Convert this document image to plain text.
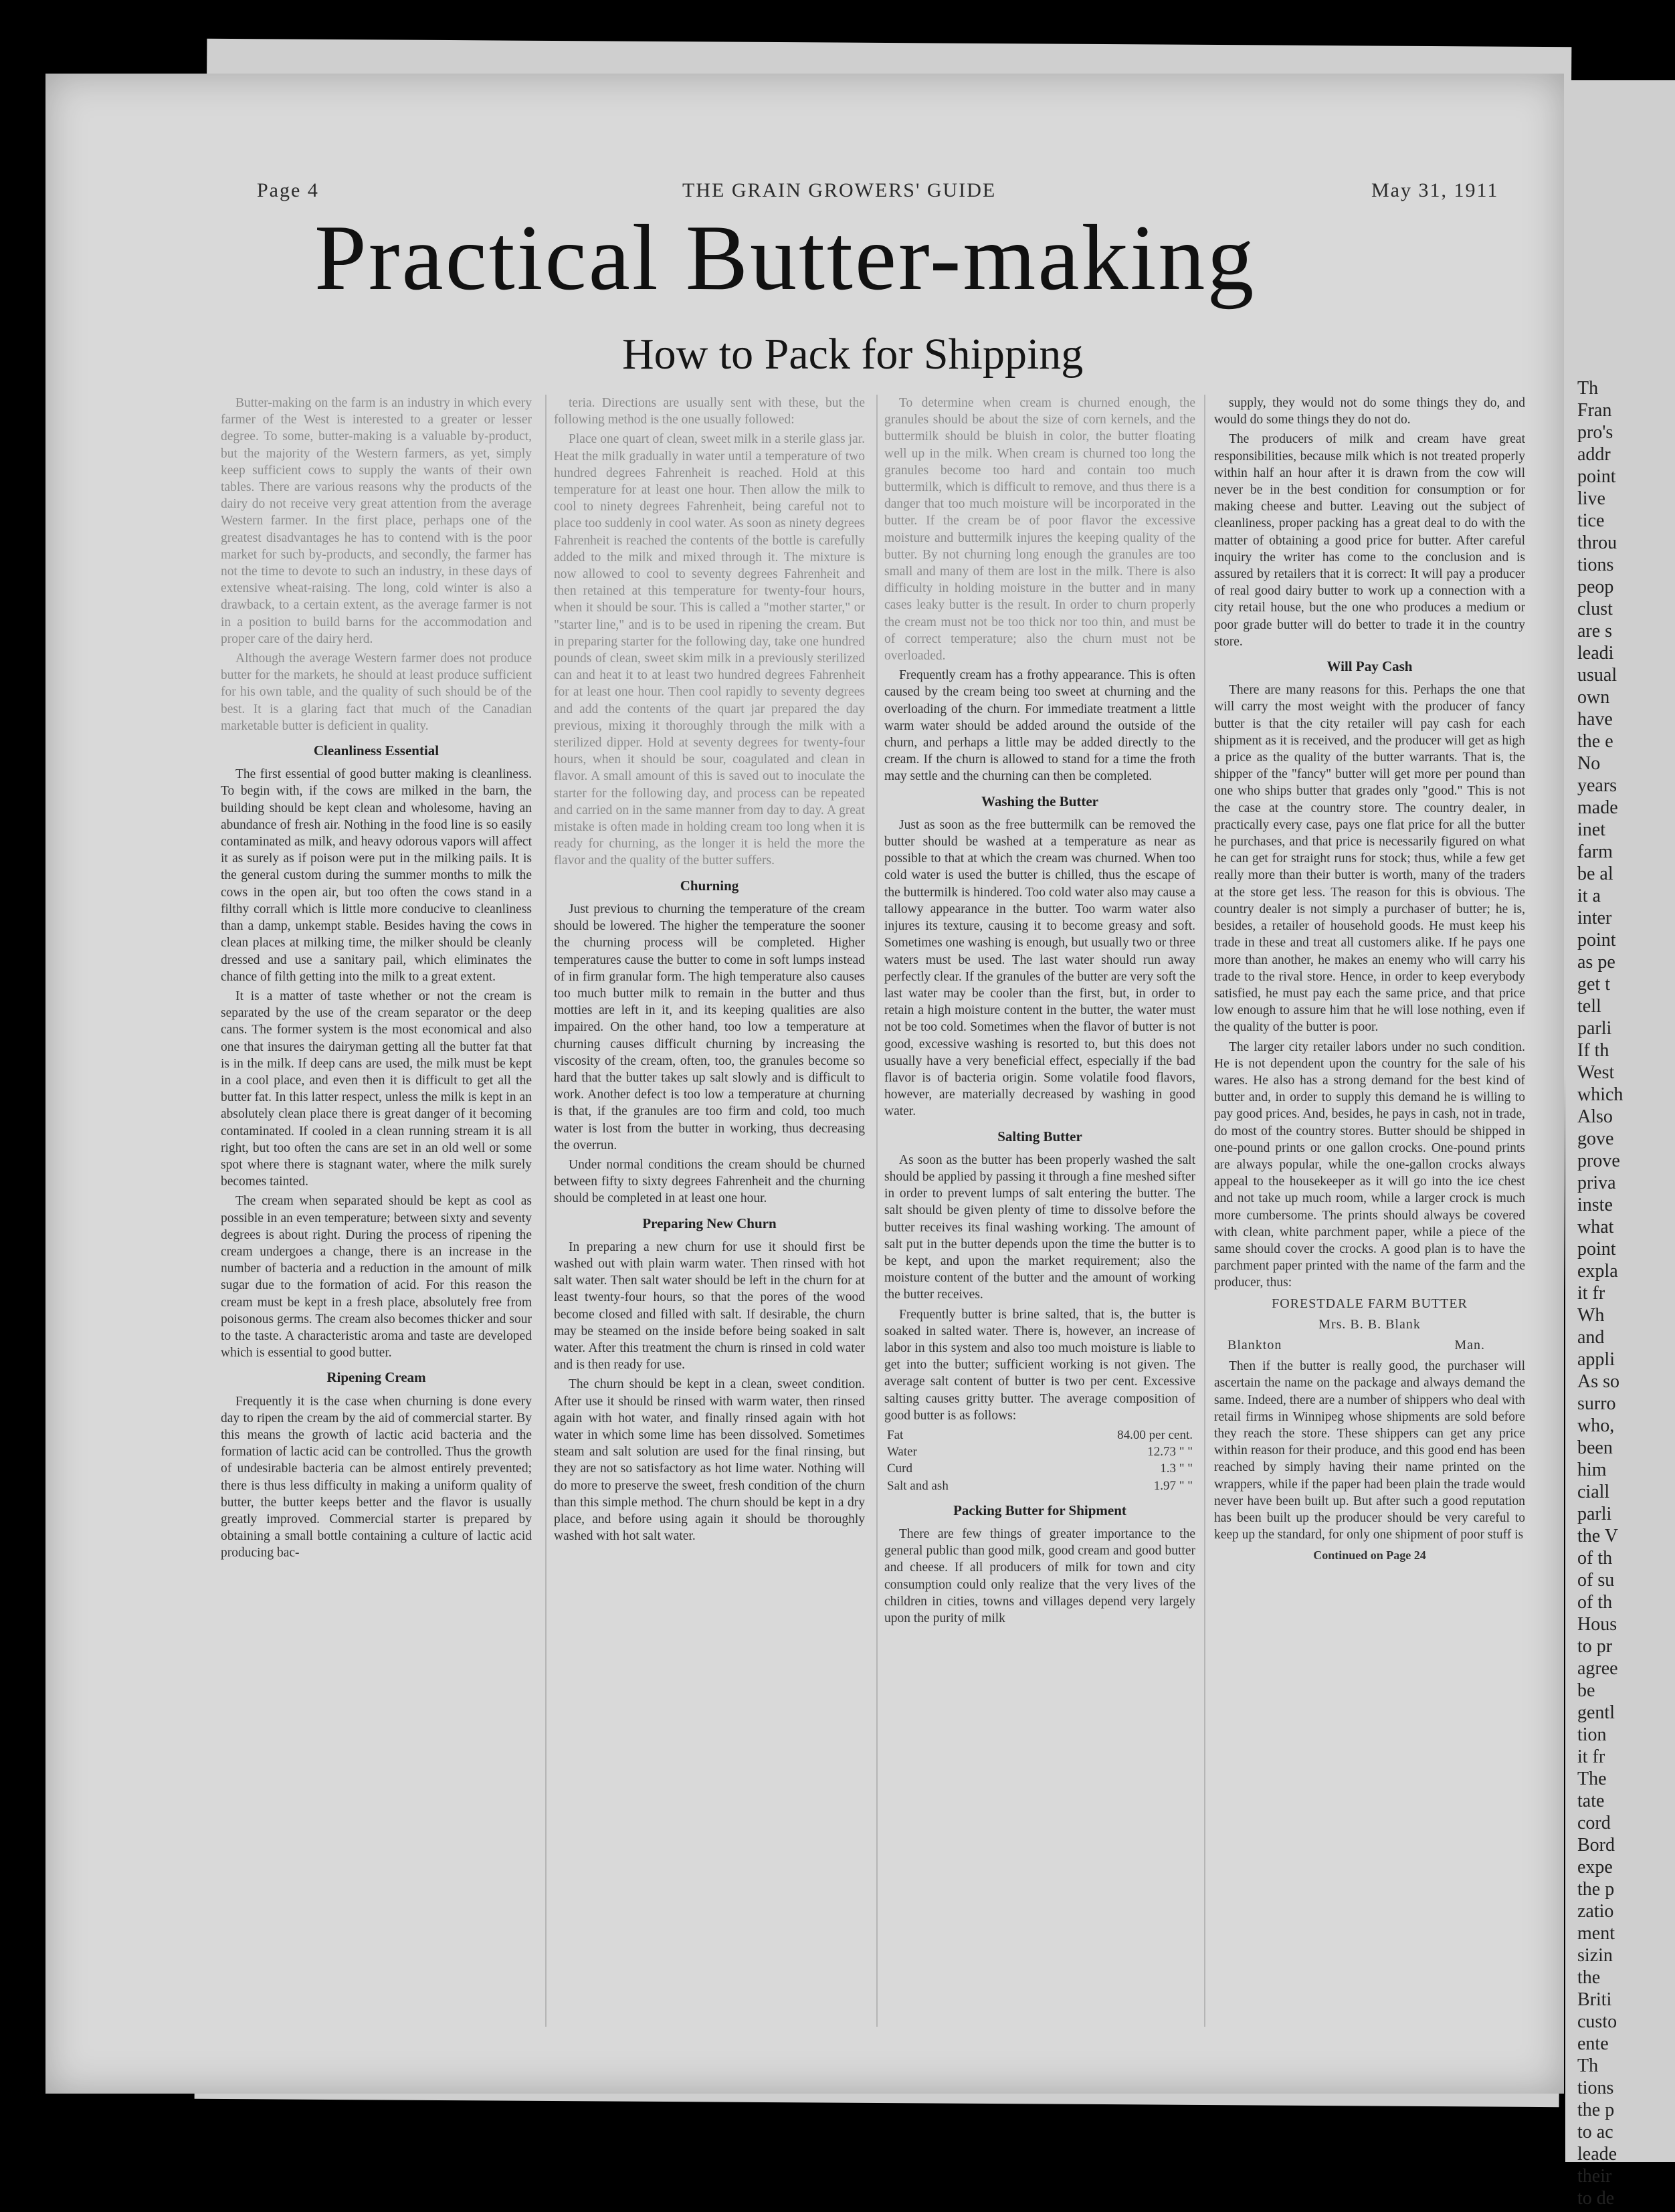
Th
Fran
pro's
addr
point
live
tice
throu
tions
peop
clust
are s
leadi
usual
own
have
the e
No
years
made
inet
farm
be al
it a
inter
point
as pe
get t
tell
parli
If th
West
which
Also
gove
prove
priva
inste
what
point
expla
it fr
Wh
and
appli
As so
surro
who,
been
him
ciall
parli
the V
of th
of su
of th
Hous
to pr
agree
be
gentl
tion
it fr
The
tate
cord
Bord
expe
the p
zatio
ment
sizin
the
Briti
custo
ente
Th
tions
the p
to ac
leade
their
to de
Page 4	THE GRAIN GROWERS' GUIDE	May 31, 1911
Practical Butter-making
How to Pack for Shipping

Butter-making on the farm is an industry in which every farmer of the West is interested to a greater or lesser degree. To some, butter-making is a valuable by-product, but the majority of the Western farmers, as yet, simply keep sufficient cows to supply the wants of their own tables. There are various reasons why the products of the dairy do not receive very great attention from the average Western farmer. In the first place, perhaps one of the greatest disadvantages he has to contend with is the poor market for such by-products, and secondly, the farmer has not the time to devote to such an industry, in these days of extensive wheat-raising. The long, cold winter is also a drawback, to a certain extent, as the average farmer is not in a position to build barns for the accommodation and proper care of the dairy herd.

Although the average Western farmer does not produce butter for the markets, he should at least produce sufficient for his own table, and the quality of such should be of the best. It is a glaring fact that much of the Canadian marketable butter is deficient in quality.

Cleanliness Essential

The first essential of good butter making is cleanliness. To begin with, if the cows are milked in the barn, the building should be kept clean and wholesome, having an abundance of fresh air. Nothing in the food line is so easily contaminated as milk, and heavy odorous vapors will affect it as surely as if poison were put in the milking pails. It is the general custom during the summer months to milk the cows in the open air, but too often the cows stand in a filthy corrall which is little more conducive to cleanliness than a damp, unkempt stable. Besides having the cows in clean places at milking time, the milker should be cleanly dressed and use a sanitary pail, which eliminates the chance of filth getting into the milk to a great extent.

It is a matter of taste whether or not the cream is separated by the use of the cream separator or the deep cans. The former system is the most economical and also one that insures the dairyman getting all the butter fat that is in the milk. If deep cans are used, the milk must be kept in a cool place, and even then it is difficult to get all the butter fat. In this latter respect, unless the milk is kept in an absolutely clean place there is great danger of it becoming contaminated. If cooled in a clean running stream it is all right, but too often the cans are set in an old well or some spot where there is stagnant water, where the milk surely becomes tainted.

The cream when separated should be kept as cool as possible in an even temperature; between sixty and seventy degrees is about right. During the process of ripening the cream undergoes a change, there is an increase in the number of bacteria and a reduction in the amount of milk sugar due to the formation of acid. For this reason the cream must be kept in a fresh place, absolutely free from poisonous germs. The cream also becomes thicker and sour to the taste. A characteristic aroma and taste are developed which is essential to good butter.

Ripening Cream

Frequently it is the case when churning is done every day to ripen the cream by the aid of commercial starter. By this means the growth of lactic acid bacteria and the formation of lactic acid can be controlled. Thus the growth of undesirable bacteria can be almost entirely prevented; there is thus less difficulty in making a uniform quality of butter, the butter keeps better and the flavor is usually greatly improved. Commercial starter is prepared by obtaining a small bottle containing a culture of lactic acid producing bac-

teria. Directions are usually sent with these, but the following method is the one usually followed:

Place one quart of clean, sweet milk in a sterile glass jar. Heat the milk gradually in water until a temperature of two hundred degrees Fahrenheit is reached. Hold at this temperature for at least one hour. Then allow the milk to cool to ninety degrees Fahrenheit, being careful not to place too suddenly in cool water. As soon as ninety degrees Fahrenheit is reached the contents of the bottle is carefully added to the milk and mixed through it. The mixture is now allowed to cool to seventy degrees Fahrenheit and then retained at this temperature for twenty-four hours, when it should be sour. This is called a "mother starter," or "starter line," and is to be used in ripening the cream. But in preparing starter for the following day, take one hundred pounds of clean, sweet skim milk in a previously sterilized can and heat it to at least two hundred degrees Fahrenheit for at least one hour. Then cool rapidly to seventy degrees and add the contents of the quart jar prepared the day previous, mixing it thoroughly through the milk with a sterilized dipper. Hold at seventy degrees for twenty-four hours, when it should be sour, coagulated and clean in flavor. A small amount of this is saved out to inoculate the starter for the following day, and process can be repeated and carried on in the same manner from day to day. A great mistake is often made in holding cream too long when it is ready for churning, as the longer it is held the more the flavor and the quality of the butter suffers.

Churning

Just previous to churning the temperature of the cream should be lowered. The higher the temperature the sooner the churning process will be completed. Higher temperatures cause the butter to come in soft lumps instead of in firm granular form. The high temperature also causes too much butter milk to remain in the butter and thus motties are left in it, and its keeping qualities are also impaired. On the other hand, too low a temperature at churning causes difficult churning by increasing the viscosity of the cream, often, too, the granules become so hard that the butter takes up salt slowly and is difficult to work. Another defect is too low a temperature at churning is that, if the granules are too firm and cold, too much water is lost from the butter in working, thus decreasing the overrun.

Under normal conditions the cream should be churned between fifty to sixty degrees Fahrenheit and the churning should be completed in at least one hour.

Preparing New Churn

In preparing a new churn for use it should first be washed out with plain warm water. Then rinsed with hot salt water. Then salt water should be left in the churn for at least twenty-four hours, so that the pores of the wood become closed and filled with salt. If desirable, the churn may be steamed on the inside before being soaked in salt water. After this treatment the churn is rinsed in cold water and is then ready for use.

The churn should be kept in a clean, sweet condition. After use it should be rinsed with warm water, then rinsed again with hot water, and finally rinsed again with hot water in which some lime has been dissolved. Sometimes steam and salt solution are used for the final rinsing, but they are not so satisfactory as hot lime water. Nothing will do more to preserve the sweet, fresh condition of the churn than this simple method. The churn should be kept in a dry place, and before using again it should be thoroughly washed with hot salt water.

To determine when cream is churned enough, the granules should be about the size of corn kernels, and the buttermilk should be bluish in color, the butter floating well up in the milk. When cream is churned too long the granules become too hard and contain too much buttermilk, which is difficult to remove, and thus there is a danger that too much moisture will be incorporated in the butter. If the cream be of poor flavor the excessive moisture and buttermilk injures the keeping quality of the butter. By not churning long enough the granules are too small and many of them are lost in the milk. There is also difficulty in holding moisture in the butter and in many cases leaky butter is the result. In order to churn properly the cream must not be too thick nor too thin, and must be of correct temperature; also the churn must not be overloaded.

Frequently cream has a frothy appearance. This is often caused by the cream being too sweet at churning and the overloading of the churn. For immediate treatment a little warm water should be added around the outside of the churn, and perhaps a little may be added directly to the cream. If the churn is allowed to stand for a time the froth may settle and the churning can then be completed.

Washing the Butter

Just as soon as the free buttermilk can be removed the butter should be washed at a temperature as near as possible to that at which the cream was churned. When too cold water is used the butter is chilled, thus the escape of the buttermilk is hindered. Too cold water also may cause a tallowy appearance in the butter. Too warm water also injures its texture, causing it to become greasy and soft. Sometimes one washing is enough, but usually two or three waters must be used. The last water should run away perfectly clear. If the granules of the butter are very soft the last water may be cooler than the first, but, in order to retain a high moisture content in the butter, the water must not be too cold. Sometimes when the flavor of butter is not good, excessive washing is resorted to, but this does not usually have a very beneficial effect, especially if the bad flavor is of bacteria origin. Some volatile food flavors, however, are materially decreased by washing in good water.

Salting Butter

As soon as the butter has been properly washed the salt should be applied by passing it through a fine meshed sifter in order to prevent lumps of salt entering the butter. The salt should be given plenty of time to dissolve before the butter receives its final washing working. The amount of salt put in the butter depends upon the time the butter is to be kept, and upon the market requirement; also the moisture content of the butter and the amount of working the butter receives.

Frequently butter is brine salted, that is, the butter is soaked in salted water. There is, however, an increase of labor in this system and also too much moisture is liable to get into the butter; sufficient working is not given. The average salt content of butter is two per cent. Excessive salting causes gritty butter. The average composition of good butter is as follows:

Fat	84.00 per cent.
Water	12.73 " "
Curd	1.3 " "
Salt and ash	1.97 " "
Packing Butter for Shipment

There are few things of greater importance to the general public than good milk, good cream and good butter and cheese. If all producers of milk for town and city consumption could only realize that the very lives of the children in cities, towns and villages depend very largely upon the purity of milk

supply, they would not do some things they do, and would do some things they do not do.

The producers of milk and cream have great responsibilities, because milk which is not treated properly within half an hour after it is drawn from the cow will never be in the best condition for consumption or for making cheese and butter. Leaving out the subject of cleanliness, proper packing has a great deal to do with the matter of obtaining a good price for butter. After careful inquiry the writer has come to the conclusion and is assured by retailers that it is correct: It will pay a producer of real good dairy butter to work up a connection with a city retail house, but the one who produces a medium or poor grade butter will do better to trade it in the country store.

Will Pay Cash

There are many reasons for this. Perhaps the one that will carry the most weight with the producer of fancy butter is that the city retailer will pay cash for each shipment as it is received, and the producer will get as high a price as the quality of the butter warrants. That is, the shipper of the "fancy" butter will get more per pound than one who ships butter that grades only "good." This is not the case at the country store. The country dealer, in practically every case, pays one flat price for all the butter he purchases, and that price is necessarily figured on what he can get for straight runs for stock; thus, while a few get really more than their butter is worth, many of the traders at the store get less. The reason for this is obvious. The country dealer is not simply a purchaser of butter; he is, besides, a retailer of household goods. He must keep his trade in these and treat all customers alike. If he pays one more than another, he makes an enemy who will carry his trade to the rival store. Hence, in order to keep everybody satisfied, he must pay each the same price, and that price low enough to assure him that he will lose nothing, even if the quality of the butter is poor.

The larger city retailer labors under no such condition. He is not dependent upon the country for the sale of his wares. He also has a strong demand for the best kind of butter and, in order to supply this demand he is willing to pay good prices. And, besides, he pays in cash, not in trade, do most of the country stores. Butter should be shipped in one-pound prints or one gallon crocks. One-pound prints are always popular, while the one-gallon crocks always appeal to the housekeeper as it will go into the ice chest and not take up much room, while a larger crock is much more cumbersome. The prints should always be covered with clean, white parchment paper, while a piece of the same should cover the crocks. A good plan is to have the parchment paper printed with the name of the farm and the producer, thus:

FORESTDALE FARM BUTTER
Mrs. B. B. Blank
Blankton	Man.

Then if the butter is really good, the purchaser will ascertain the name on the package and always demand the same. Indeed, there are a number of shippers who deal with retail firms in Winnipeg whose shipments are sold before they reach the store. These shippers can get any price within reason for their produce, and this good end has been reached by simply having their name printed on the wrappers, while if the paper had been plain the trade would never have been built up. But after such a good reputation has been built up the producer should be very careful to keep up the standard, for only one shipment of poor stuff is

Continued on Page 24
